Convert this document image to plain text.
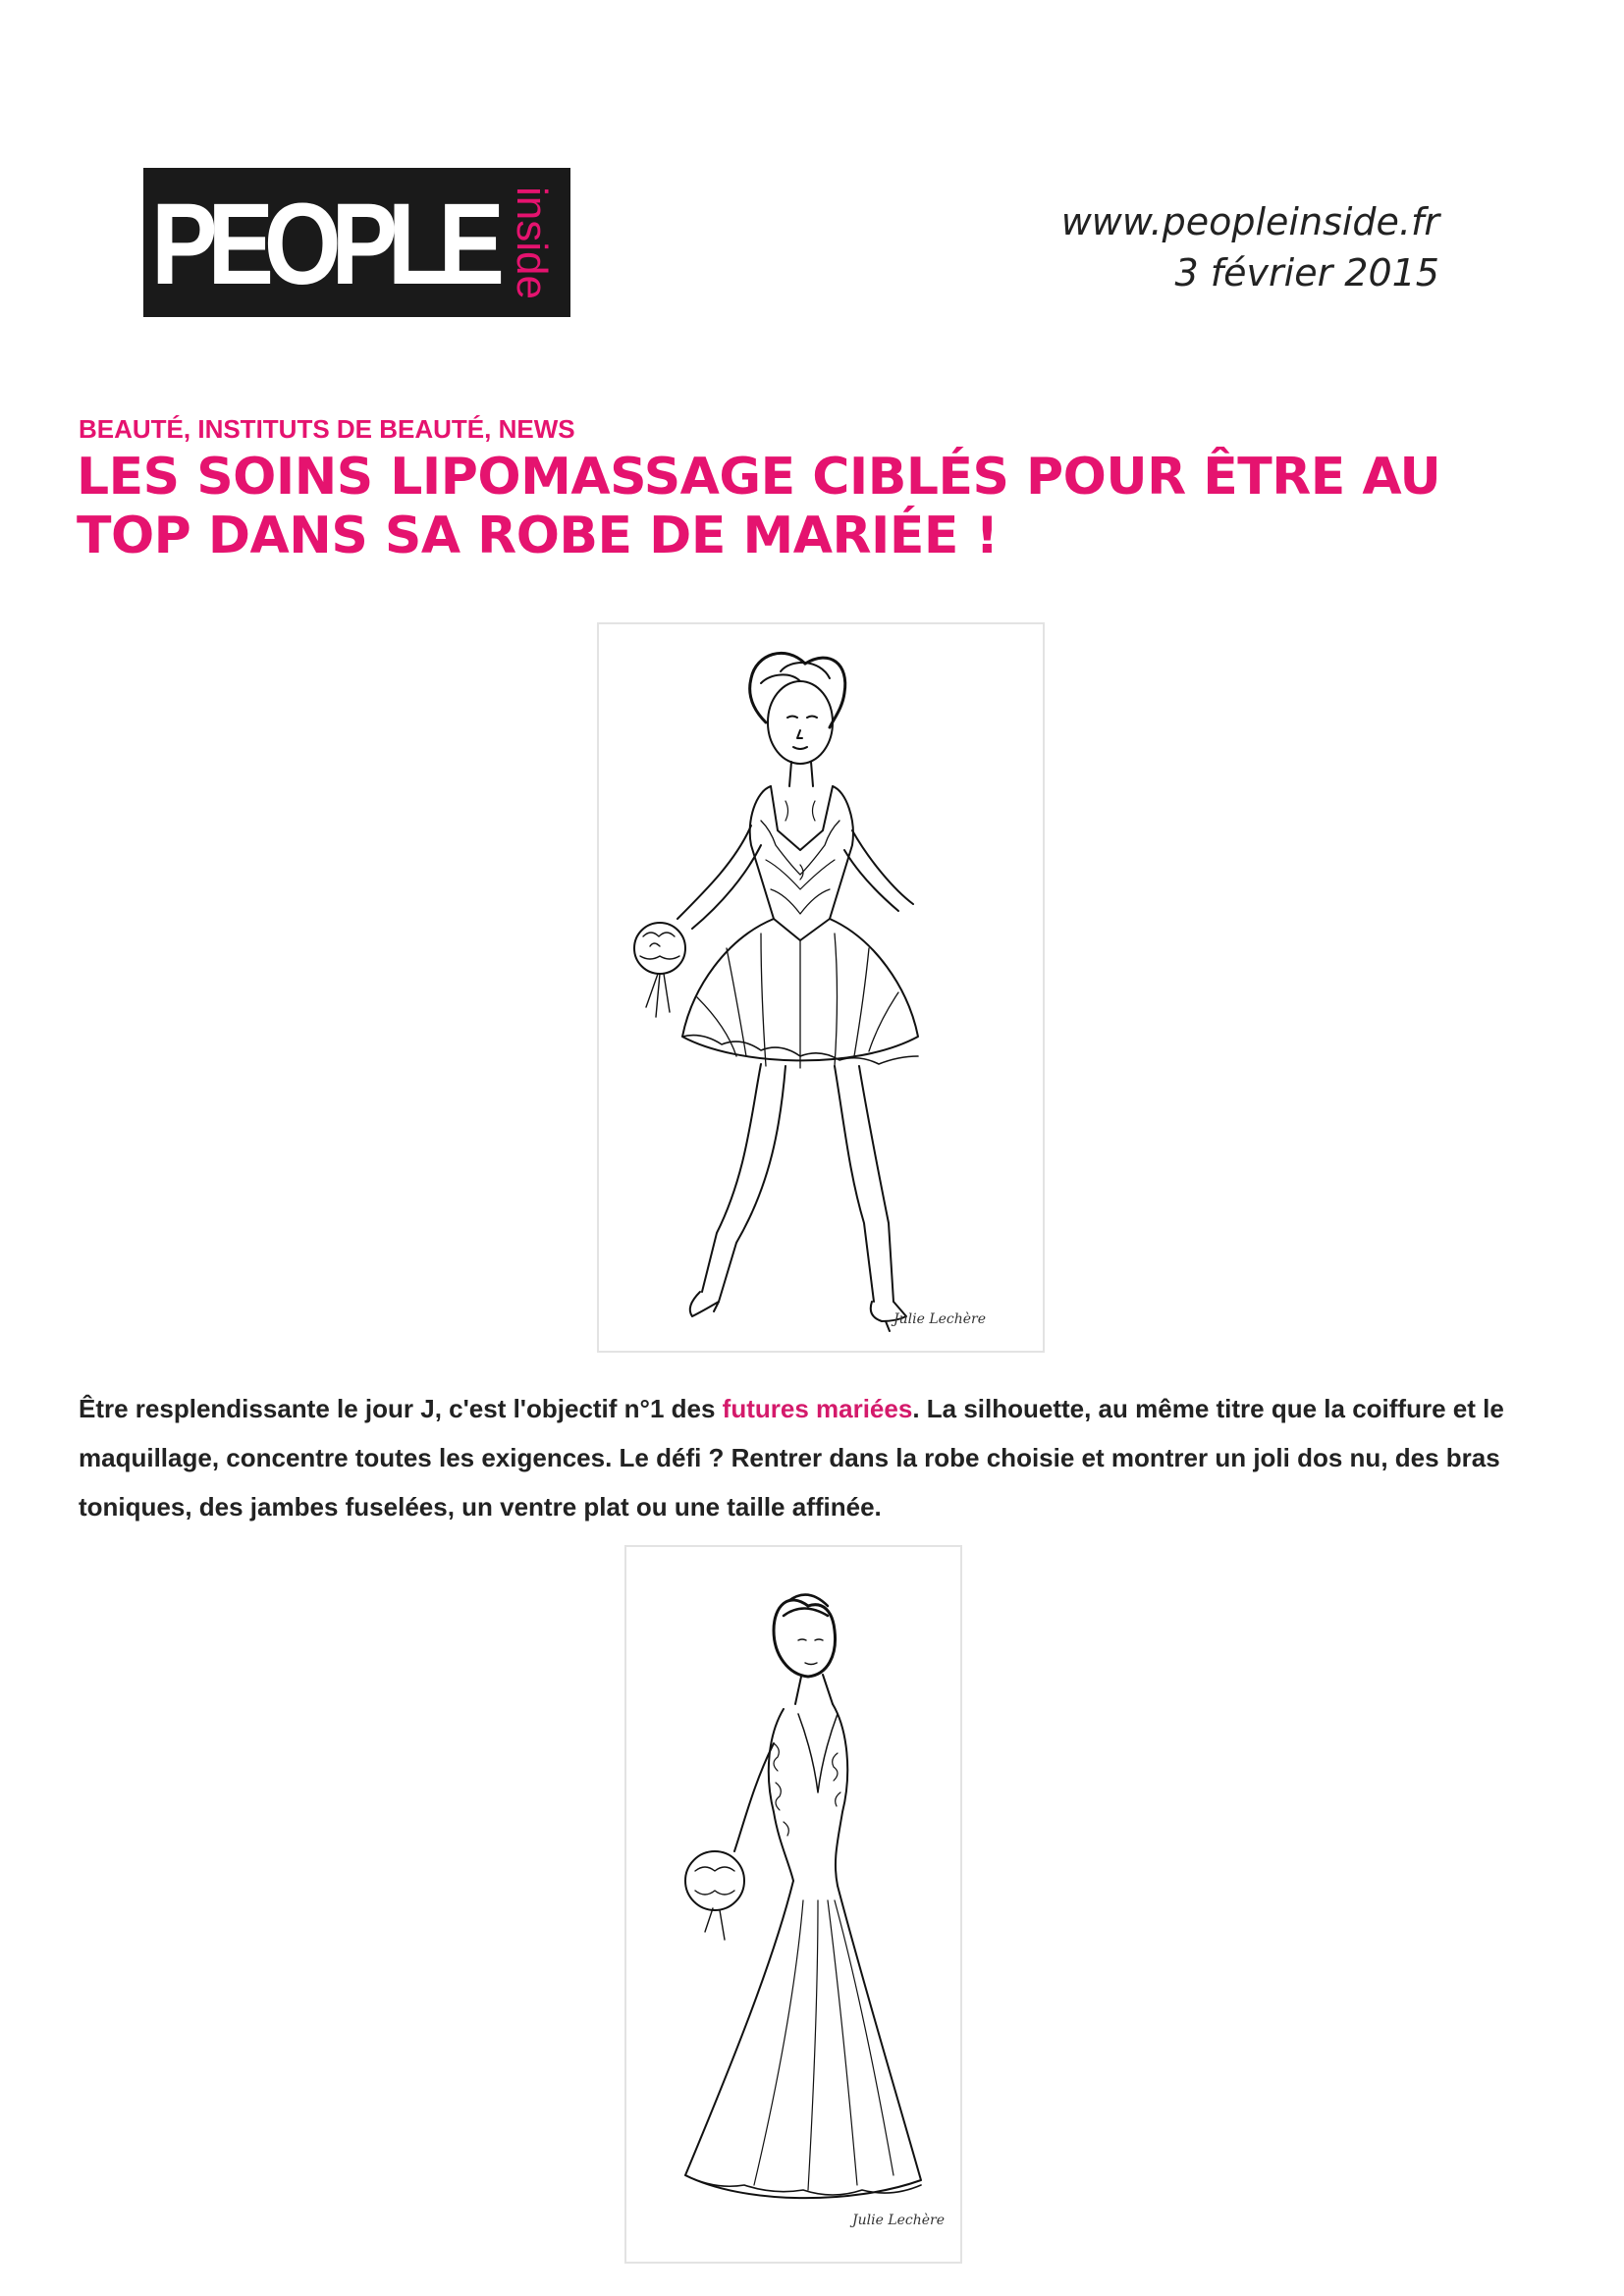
PEOPLE inside	www.peopleinside.fr
3 février 2015
BEAUTÉ, INSTITUTS DE BEAUTÉ, NEWS
LES SOINS LIPOMASSAGE CIBLÉS POUR ÊTRE AU TOP DANS SA ROBE DE MARIÉE !
Julie Lechère
Être resplendissante le jour J, c'est l'objectif n°1 des futures mariées. La silhouette, au même titre que la coiffure et le maquillage, concentre toutes les exigences. Le défi ? Rentrer dans la robe choisie et montrer un joli dos nu, des bras toniques, des jambes fuselées, un ventre plat ou une taille affinée.
Julie Lechère
